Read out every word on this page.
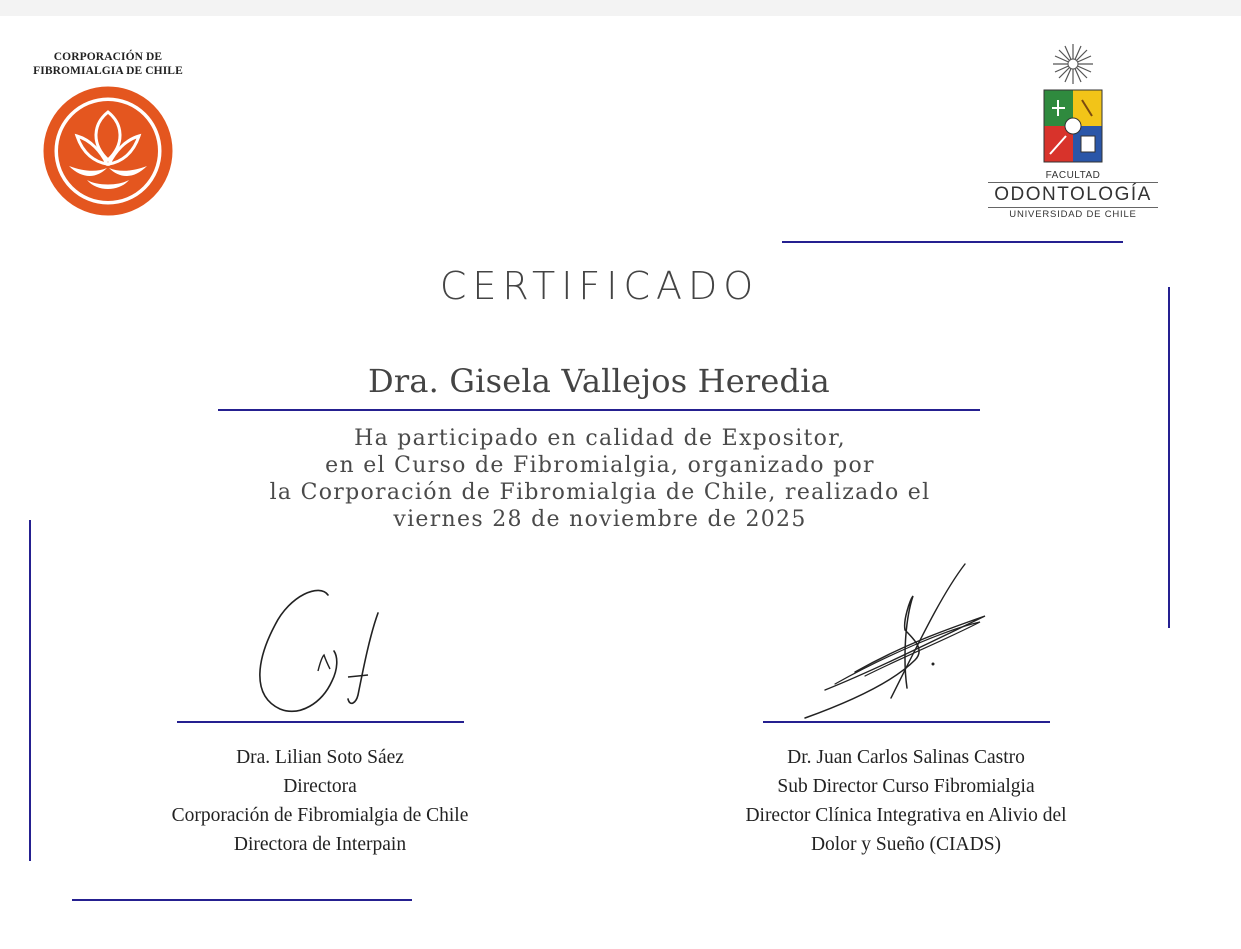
CORPORACIÓN DE
FIBROMIALGIA DE CHILE
FACULTAD
ODONTOLOGÍA
UNIVERSIDAD DE CHILE
CERTIFICADO
Dra. Gisela Vallejos Heredia
Ha participado en calidad de Expositor,
en el Curso de Fibromialgia, organizado por
la Corporación de Fibromialgia de Chile, realizado el
viernes 28 de noviembre de 2025
Dra. Lilian Soto Sáez
Directora
Corporación de Fibromialgia de Chile
Directora de Interpain
Dr. Juan Carlos Salinas Castro
Sub Director Curso Fibromialgia
Director Clínica Integrativa en Alivio del
Dolor y Sueño (CIADS)
